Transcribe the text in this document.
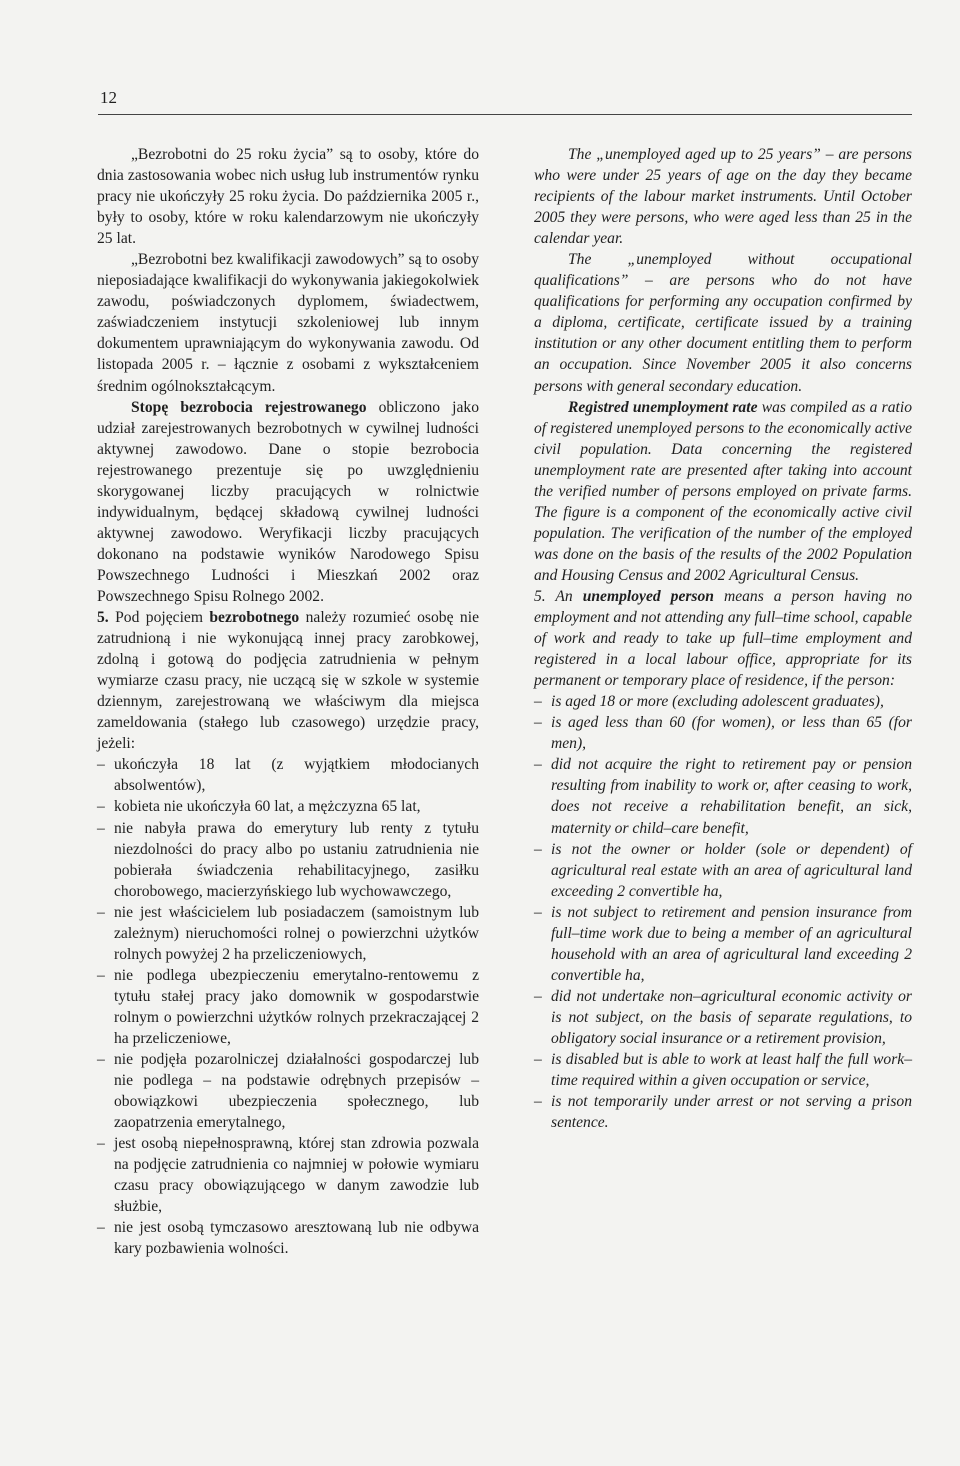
12

„Bezrobotni do 25 roku życia” są to osoby, które do dnia zastosowania wobec nich usług lub instrumentów rynku pracy nie ukończyły 25 roku życia. Do października 2005 r., były to osoby, które w roku kalendarzowym nie ukończyły 25 lat.

„Bezrobotni bez kwalifikacji zawodowych” są to osoby nieposiadające kwalifikacji do wykonywania jakiegokolwiek zawodu, poświadczonych dyplomem, świadectwem, zaświadczeniem instytucji szkoleniowej lub innym dokumentem uprawniającym do wykonywania zawodu. Od listopada 2005 r. – łącznie z osobami z wykształceniem średnim ogólnokształcącym.

Stopę bezrobocia rejestrowanego obliczono jako udział zarejestrowanych bezrobotnych w cywilnej ludności aktywnej zawodowo. Dane o stopie bezrobocia rejestrowanego prezentuje się po uwzględnieniu skorygowanej liczby pracujących w rolnictwie indywidualnym, będącej składową cywilnej ludności aktywnej zawodowo. Weryfikacji liczby pracujących dokonano na podstawie wyników Narodowego Spisu Powszechnego Ludności i Mieszkań 2002 oraz Powszechnego Spisu Rolnego 2002.

5. Pod pojęciem bezrobotnego należy rozumieć osobę nie zatrudnioną i nie wykonującą innej pracy zarobkowej, zdolną i gotową do podjęcia zatrudnienia w pełnym wymiarze czasu pracy, nie uczącą się w szkole w systemie dziennym, zarejestrowaną we właściwym dla miejsca zameldowania (stałego lub czasowego) urzędzie pracy, jeżeli:

– ukończyła 18 lat (z wyjątkiem młodocianych absolwentów),
– kobieta nie ukończyła 60 lat, a mężczyzna 65 lat,
– nie nabyła prawa do emerytury lub renty z tytułu niezdolności do pracy albo po ustaniu zatrudnienia nie pobierała świadczenia rehabilitacyjnego, zasiłku chorobowego, macierzyńskiego lub wychowawczego,
– nie jest właścicielem lub posiadaczem (samoistnym lub zależnym) nieruchomości rolnej o powierzchni użytków rolnych powyżej 2 ha przeliczeniowych,
– nie podlega ubezpieczeniu emerytalno-rentowemu z tytułu stałej pracy jako domownik w gospodarstwie rolnym o powierzchni użytków rolnych przekraczającej 2 ha przeliczeniowe,
– nie podjęła pozarolniczej działalności gospodarczej lub nie podlega – na podstawie odrębnych przepisów – obowiązkowi ubezpieczenia społecznego, lub zaopatrzenia emerytalnego,
– jest osobą niepełnosprawną, której stan zdrowia pozwala na podjęcie zatrudnienia co najmniej w połowie wymiaru czasu pracy obowiązującego w danym zawodzie lub służbie,
– nie jest osobą tymczasowo aresztowaną lub nie odbywa kary pozbawienia wolności.

The „unemployed aged up to 25 years” – are persons who were under 25 years of age on the day they became recipients of the labour market instruments. Until October 2005 they were persons, who were aged less than 25 in the calendar year.

The „unemployed without occupational qualifications” – are persons who do not have qualifications for performing any occupation confirmed by a diploma, certificate, certificate issued by a training institution or any other document entitling them to perform an occupation. Since November 2005 it also concerns persons with general secondary education.

Registred unemployment rate was compiled as a ratio of registered unemployed persons to the economically active civil population. Data concerning the registered unemployment rate are presented after taking into account the verified number of persons employed on private farms. The figure is a component of the economically active civil population. The verification of the number of the employed was done on the basis of the results of the 2002 Population and Housing Census and 2002 Agricultural Census.

5. An unemployed person means a person having no employment and not attending any full–time school, capable of work and ready to take up full–time employment and registered in a local labour office, appropriate for its permanent or temporary place of residence, if the person:

– is aged 18 or more (excluding adolescent graduates),
– is aged less than 60 (for women), or less than 65 (for men),
– did not acquire the right to retirement pay or pension resulting from inability to work or, after ceasing to work, does not receive a rehabilitation benefit, an sick, maternity or child–care benefit,
– is not the owner or holder (sole or dependent) of agricultural real estate with an area of agricultural land exceeding 2 convertible ha,
– is not subject to retirement and pension insurance from full–time work due to being a member of an agricultural household with an area of agricultural land exceeding 2 convertible ha,
– did not undertake non–agricultural economic activity or is not subject, on the basis of separate regulations, to obligatory social insurance or a retirement provision,
– is disabled but is able to work at least half the full work–time required within a given occupation or service,
– is not temporarily under arrest or not serving a prison sentence.
